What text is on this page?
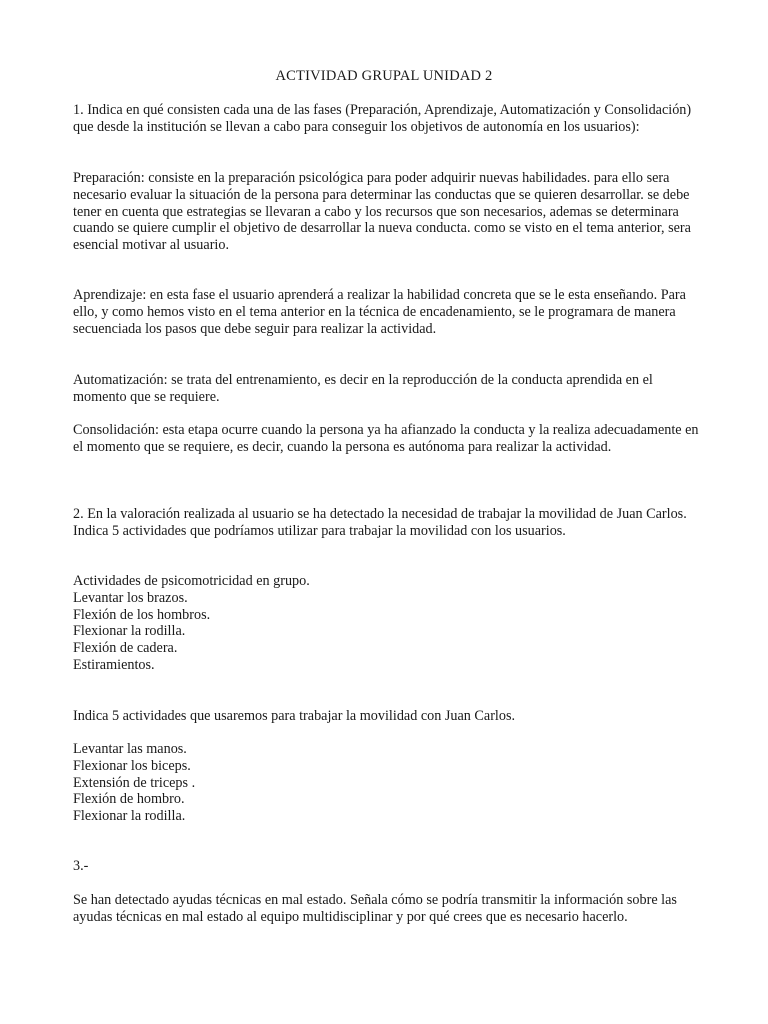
ACTIVIDAD GRUPAL UNIDAD 2

1. Indica en qué consisten cada una de las fases (Preparación, Aprendizaje, Automatización y Consolidación) que desde la institución se llevan a cabo para conseguir los objetivos de autonomía en los usuarios):

Preparación: consiste en la preparación psicológica para poder adquirir nuevas habilidades. para ello sera necesario evaluar la situación de la persona para determinar las conductas que se quieren desarrollar. se debe tener en cuenta que estrategias se llevaran a cabo y los recursos que son necesarios, ademas se determinara cuando se quiere cumplir el objetivo de desarrollar la nueva conducta. como se visto en el tema anterior, sera esencial motivar al usuario.

Aprendizaje: en esta fase el usuario aprenderá a realizar la habilidad concreta que se le esta enseñando. Para ello, y como hemos visto en el tema anterior en la técnica de encadenamiento, se le programara de manera secuenciada los pasos que debe seguir para realizar la actividad.

Automatización: se trata del entrenamiento, es decir en la reproducción de la conducta aprendida en el momento que se requiere.

Consolidación: esta etapa ocurre cuando la persona ya ha afianzado la conducta y la realiza adecuadamente en el momento que se requiere, es decir, cuando la persona es autónoma para realizar la actividad.

2. En la valoración realizada al usuario se ha detectado la necesidad de trabajar la movilidad de Juan Carlos.

Indica 5 actividades que podríamos utilizar para trabajar la movilidad con los usuarios.

Actividades de psicomotricidad en grupo.
Levantar los brazos.
Flexión de los hombros.
Flexionar la rodilla.
Flexión de cadera.
Estiramientos.

Indica 5 actividades que usaremos para trabajar la movilidad con Juan Carlos.

Levantar las manos.
Flexionar los biceps.
Extensión de triceps .
Flexión de hombro.
Flexionar la rodilla.

3.-

Se han detectado ayudas técnicas en mal estado. Señala cómo se podría transmitir la información sobre las ayudas técnicas en mal estado al equipo multidisciplinar y por qué crees que es necesario hacerlo.
